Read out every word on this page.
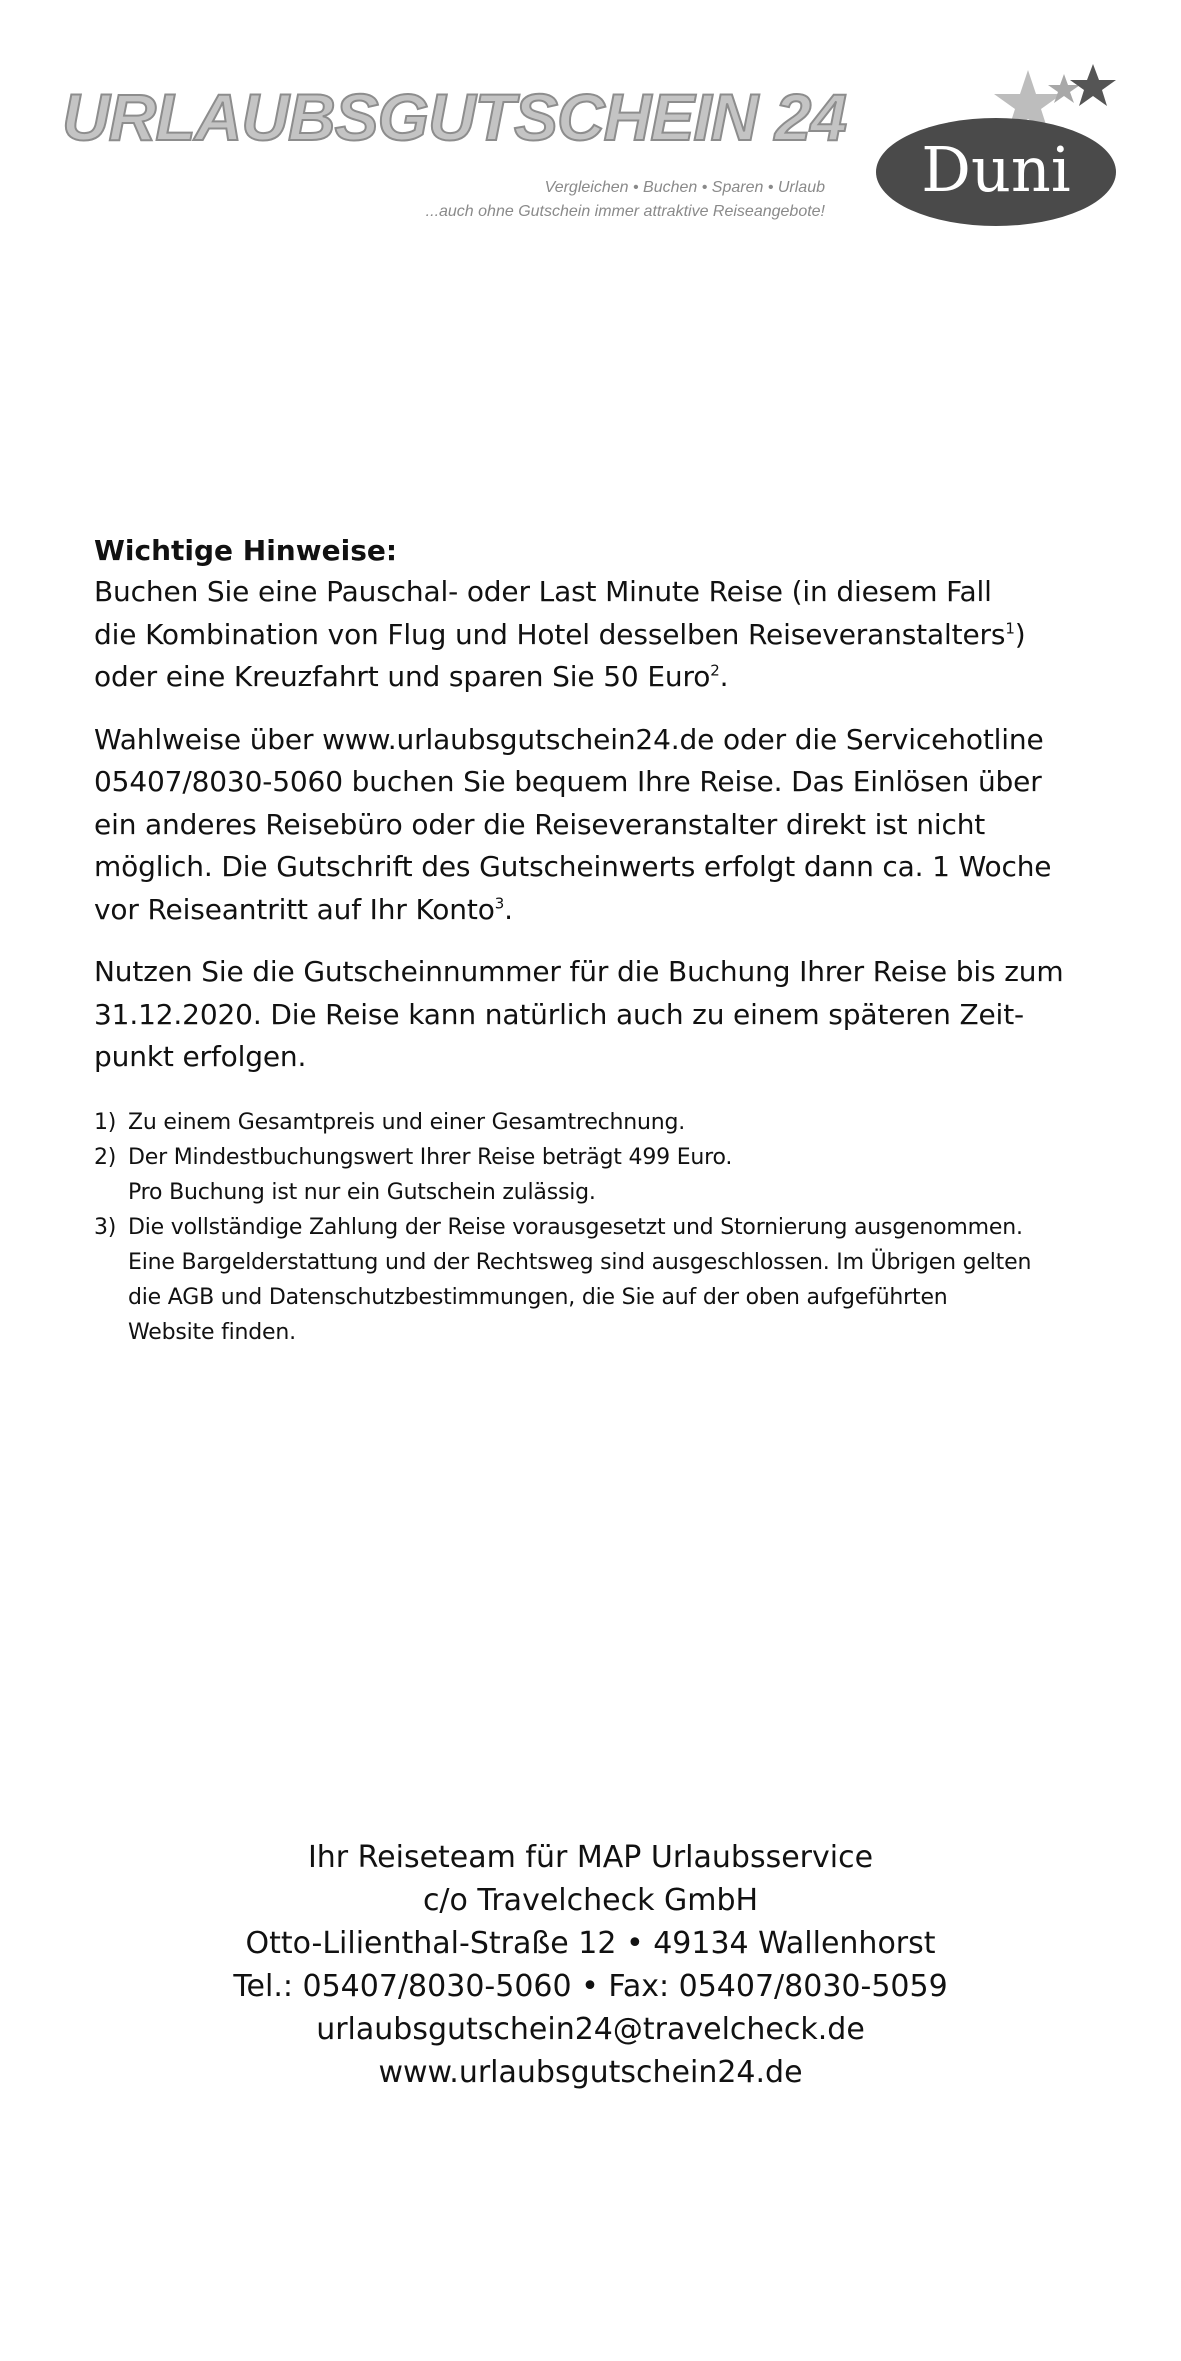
URLAUBSGUTSCHEIN 24
Vergleichen • Buchen • Sparen • Urlaub
...auch ohne Gutschein immer attraktive Reiseangebote!
Duni
Wichtige Hinweise:

Buchen Sie eine Pauschal- oder Last Minute Reise (in diesem Fall
die Kombination von Flug und Hotel desselben Reiseveranstalters$^1$)
oder eine Kreuzfahrt und sparen Sie 50 Euro$^2$.

Wahlweise über www.urlaubsgutschein24.de oder die Servicehotline
05407/8030-5060 buchen Sie bequem Ihre Reise. Das Einlösen über
ein anderes Reisebüro oder die Reiseveranstalter direkt ist nicht
möglich. Die Gutschrift des Gutscheinwerts erfolgt dann ca. 1 Woche
vor Reiseantritt auf Ihr Konto$^3$.

Nutzen Sie die Gutscheinnummer für die Buchung Ihrer Reise bis zum
31.12.2020. Die Reise kann natürlich auch zu einem späteren Zeit-
punkt erfolgen.

1) Zu einem Gesamtpreis und einer Gesamtrechnung.
2) Der Mindestbuchungswert Ihrer Reise beträgt 499 Euro.
Pro Buchung ist nur ein Gutschein zulässig.
3) Die vollständige Zahlung der Reise vorausgesetzt und Stornierung ausgenommen.
Eine Bargelderstattung und der Rechtsweg sind ausgeschlossen. Im Übrigen gelten
die AGB und Datenschutzbestimmungen, die Sie auf der oben aufgeführten
Website finden.
Ihr Reiseteam für MAP Urlaubsservice
c/o Travelcheck GmbH
Otto-Lilienthal-Straße 12 • 49134 Wallenhorst
Tel.: 05407/8030-5060 • Fax: 05407/8030-5059
urlaubsgutschein24@travelcheck.de
www.urlaubsgutschein24.de
